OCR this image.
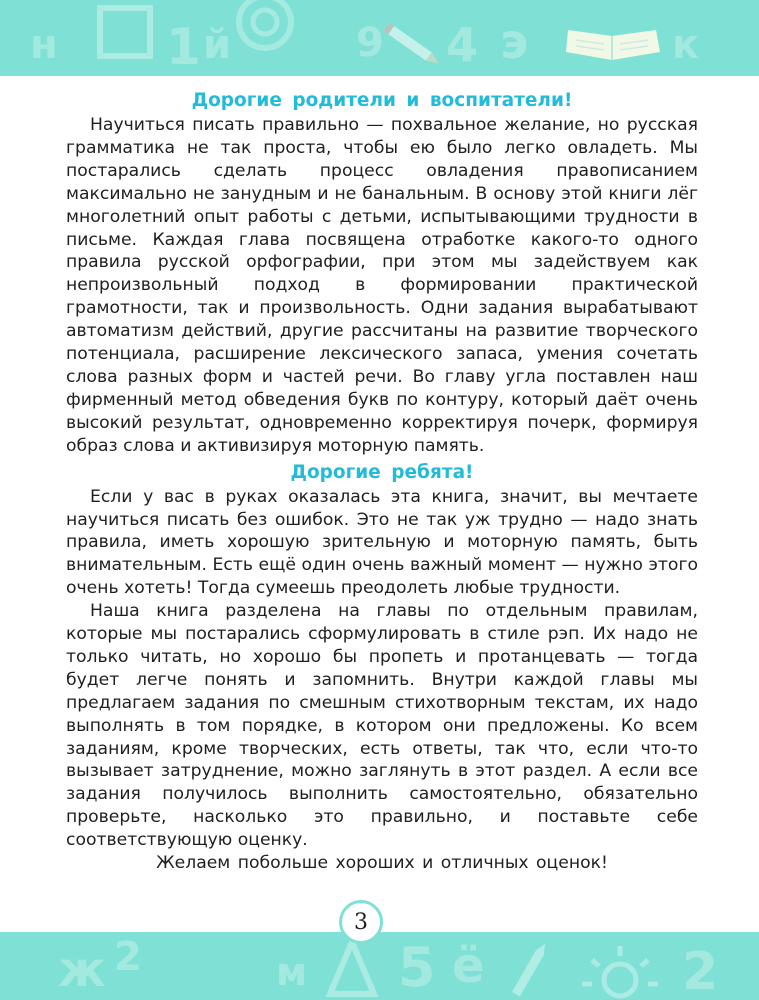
н 1 й	9 4 э	к
Дорогие родители и воспитатели!

Научиться писать правильно — похвальное желание, но русская грамматика не так проста, чтобы ею было легко овладеть. Мы постарались сделать процесс овладения правописанием максимально не занудным и не банальным. В основу этой книги лёг многолетний опыт работы с детьми, испытывающими трудности в письме. Каждая глава посвящена отработке какого-то одного правила русской орфографии, при этом мы задействуем как непроизвольный подход в формировании практической грамотности, так и произвольность. Одни задания вырабатывают автоматизм действий, другие рассчитаны на развитие творческого потенциала, расширение лексического запаса, умения сочетать слова разных форм и частей речи. Во главу угла поставлен наш фирменный метод обведения букв по контуру, который даёт очень высокий результат, одновременно корректируя почерк, формируя образ слова и активизируя моторную память.

Дорогие ребята!

Если у вас в руках оказалась эта книга, значит, вы мечтаете научиться писать без ошибок. Это не так уж трудно — надо знать правила, иметь хорошую зрительную и моторную память, быть внимательным. Есть ещё один очень важный момент — нужно этого очень хотеть! Тогда сумеешь преодолеть любые трудности.

Наша книга разделена на главы по отдельным правилам, которые мы постарались сформулировать в стиле рэп. Их надо не только читать, но хорошо бы пропеть и протанцевать — тогда будет легче понять и запомнить. Внутри каждой главы мы предлагаем задания по смешным стихотворным текстам, их надо выполнять в том порядке, в котором они предложены. Ко всем заданиям, кроме творческих, есть ответы, так что, если что-то вызывает затруднение, можно заглянуть в этот раздел. А если все задания получилось выполнить самостоятельно, обязательно проверьте, насколько это правильно, и поставьте себе соответствующую оценку.

Желаем побольше хороших и отличных оценок!

ж 2	м 5 ё	2
3
